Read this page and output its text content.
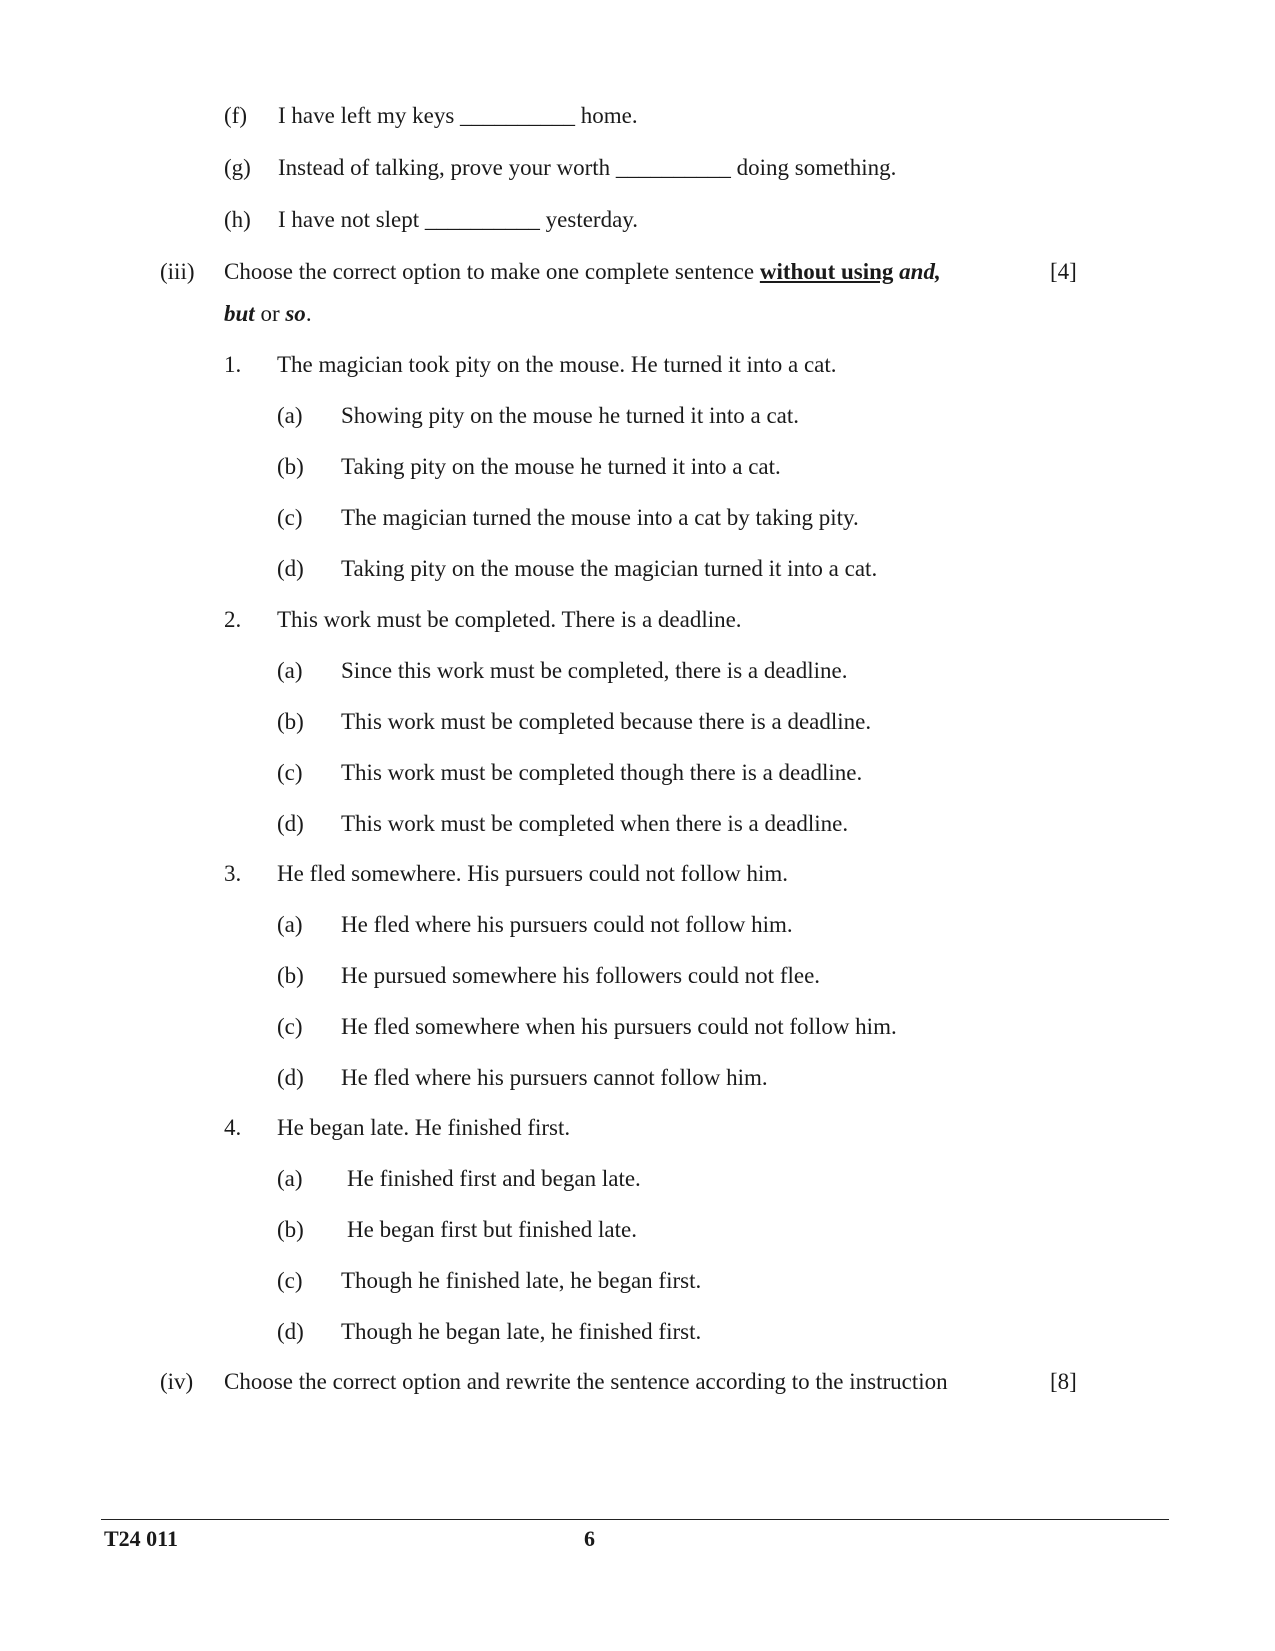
(f) I have left my keys __________ home.
(g) Instead of talking, prove your worth __________ doing something.
(h) I have not slept __________ yesterday.
(iii) Choose the correct option to make one complete sentence without using and,	[4]
but or so.
1. The magician took pity on the mouse. He turned it into a cat.
(a) Showing pity on the mouse he turned it into a cat.
(b) Taking pity on the mouse he turned it into a cat.
(c) The magician turned the mouse into a cat by taking pity.
(d) Taking pity on the mouse the magician turned it into a cat.
2. This work must be completed. There is a deadline.
(a) Since this work must be completed, there is a deadline.
(b) This work must be completed because there is a deadline.
(c) This work must be completed though there is a deadline.
(d) This work must be completed when there is a deadline.
3. He fled somewhere. His pursuers could not follow him.
(a) He fled where his pursuers could not follow him.
(b) He pursued somewhere his followers could not flee.
(c) He fled somewhere when his pursuers could not follow him.
(d) He fled where his pursuers cannot follow him.
4. He began late. He finished first.
(a) He finished first and began late.
(b) He began first but finished late.
(c) Though he finished late, he began first.
(d) Though he began late, he finished first.
(iv) Choose the correct option and rewrite the sentence according to the instruction	[8]
T24 011	6
